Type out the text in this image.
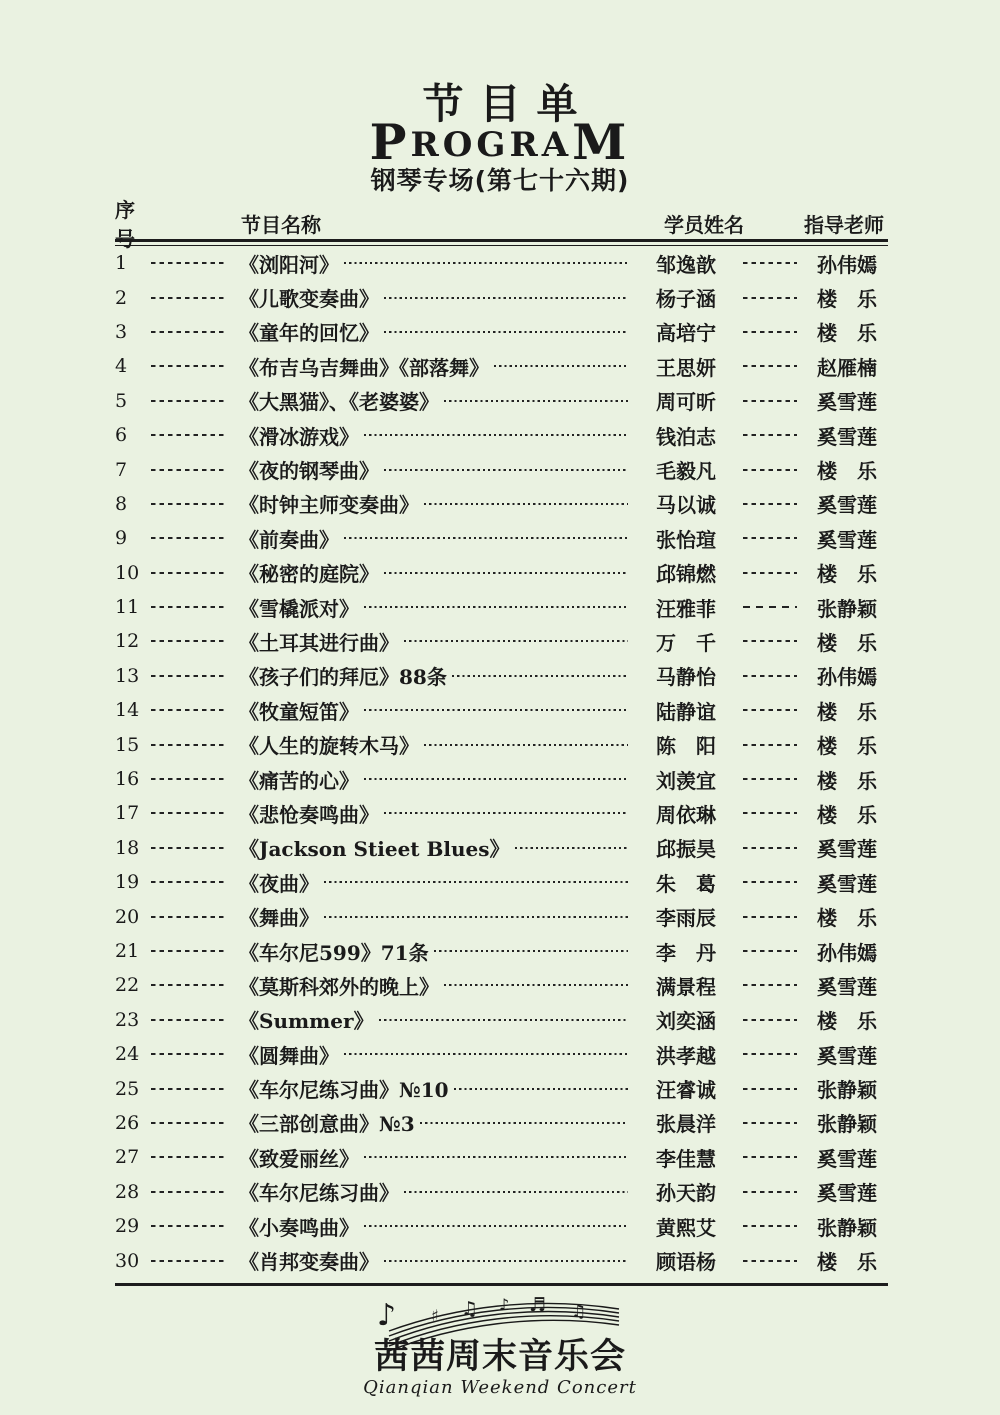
节目单
PROGRAM
钢琴专场(第七十六期)
序号
节目名称	学员姓名	指导老师
1	《浏阳河》	邹逸歆	孙伟嫣
2	《儿歌变奏曲》	杨子涵	楼　乐
3	《童年的回忆》	高培宁	楼　乐
4	《布吉乌吉舞曲》《部落舞》	王思妍	赵雁楠
5	《大黑猫》、《老婆婆》	周可昕	奚雪莲
6	《滑冰游戏》	钱泊志	奚雪莲
7	《夜的钢琴曲》	毛毅凡	楼　乐
8	《时钟主师变奏曲》	马以诚	奚雪莲
9	《前奏曲》	张怡瑄	奚雪莲
10	《秘密的庭院》	邱锦燃	楼　乐
11	《雪橇派对》	汪雅菲	张静颖
12	《土耳其进行曲》	万　千	楼　乐
13	《孩子们的拜厄》88条	马静怡	孙伟嫣
14	《牧童短笛》	陆静谊	楼　乐
15	《人生的旋转木马》	陈　阳	楼　乐
16	《痛苦的心》	刘羡宜	楼　乐
17	《悲怆奏鸣曲》	周依琳	楼　乐
18	《Jackson Stieet Blues》	邱振昊	奚雪莲
19	《夜曲》	朱　葛	奚雪莲
20	《舞曲》	李雨辰	楼　乐
21	《车尔尼599》71条	李　丹	孙伟嫣
22	《莫斯科郊外的晚上》	满景程	奚雪莲
23	《Summer》	刘奕涵	楼　乐
24	《圆舞曲》	洪孝越	奚雪莲
25	《车尔尼练习曲》№10	汪睿诚	张静颖
26	《三部创意曲》№3	张晨洋	张静颖
27	《致爱丽丝》	李佳慧	奚雪莲
28	《车尔尼练习曲》	孙天韵	奚雪莲
29	《小奏鸣曲》	黄熙艾	张静颖
30	《肖邦变奏曲》	顾语杨	楼　乐
♪ ♯ ♫ ♪ ♬ ♫
茜茜周末音乐会
Qianqian Weekend Concert
